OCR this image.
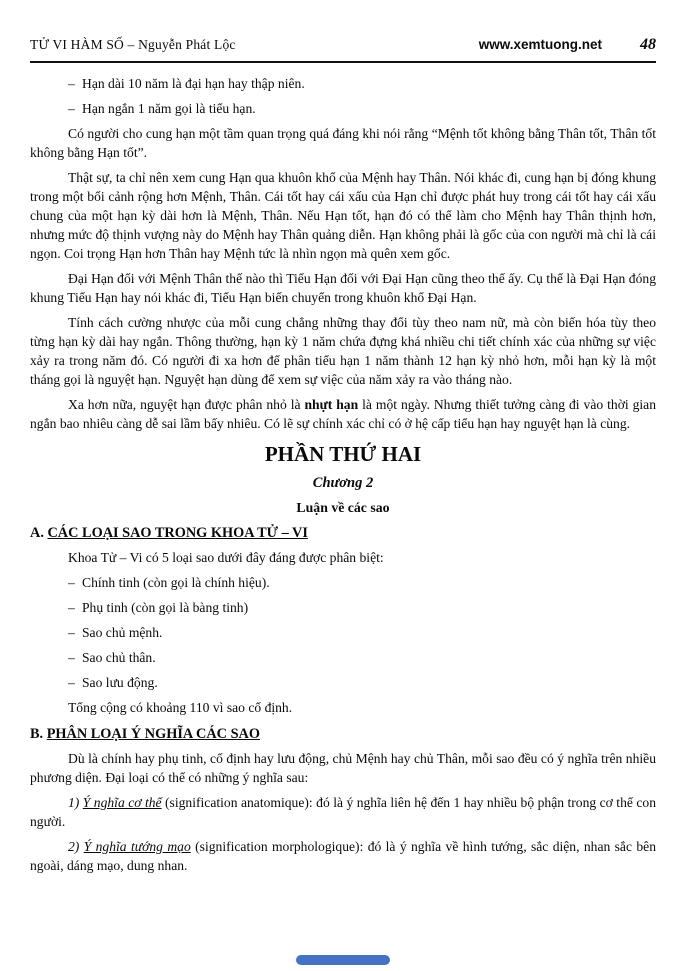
TỬ VI HÀM SỐ – Nguyễn Phát Lộc	www.xemtuong.net 48
– Hạn dài 10 năm là đại hạn hay thập niên.
– Hạn ngắn 1 năm gọi là tiểu hạn.

Có người cho cung hạn một tầm quan trọng quá đáng khi nói rằng “Mệnh tốt không bằng Thân tốt, Thân tốt không bằng Hạn tốt”.

Thật sự, ta chỉ nên xem cung Hạn qua khuôn khổ của Mệnh hay Thân. Nói khác đi, cung hạn bị đóng khung trong một bối cảnh rộng hơn Mệnh, Thân. Cái tốt hay cái xấu của Hạn chỉ được phát huy trong cái tốt hay cái xấu chung của một hạn kỳ dài hơn là Mệnh, Thân. Nếu Hạn tốt, hạn đó có thể làm cho Mệnh hay Thân thịnh hơn, nhưng mức độ thịnh vượng này do Mệnh hay Thân quảng diễn. Hạn không phải là gốc của con người mà chỉ là cái ngọn. Coi trọng Hạn hơn Thân hay Mệnh tức là nhìn ngọn mà quên xem gốc.

Đại Hạn đối với Mệnh Thân thế nào thì Tiểu Hạn đối với Đại Hạn cũng theo thế ấy. Cụ thể là Đại Hạn đóng khung Tiểu Hạn hay nói khác đi, Tiểu Hạn biến chuyển trong khuôn khổ Đại Hạn.

Tính cách cường nhược của mỗi cung chẳng những thay đổi tùy theo nam nữ, mà còn biến hóa tùy theo từng hạn kỳ dài hay ngắn. Thông thường, hạn kỳ 1 năm chứa đựng khá nhiều chi tiết chính xác của những sự việc xảy ra trong năm đó. Có người đi xa hơn để phân tiểu hạn 1 năm thành 12 hạn kỳ nhỏ hơn, mỗi hạn kỳ là một tháng gọi là nguyệt hạn. Nguyệt hạn dùng để xem sự việc của năm xảy ra vào tháng nào.

Xa hơn nữa, nguyệt hạn được phân nhỏ là nhựt hạn là một ngày. Nhưng thiết tưởng càng đi vào thời gian ngắn bao nhiêu càng dễ sai lầm bấy nhiêu. Có lẽ sự chính xác chỉ có ở hệ cấp tiểu hạn hay nguyệt hạn là cùng.

PHẦN THỨ HAI
Chương 2
Luận về các sao
A. CÁC LOẠI SAO TRONG KHOA TỬ – VI

Khoa Tử – Vi có 5 loại sao dưới đây đáng được phân biệt:

– Chính tinh (còn gọi là chính hiệu).
– Phụ tinh (còn gọi là bàng tinh)
– Sao chủ mệnh.
– Sao chủ thân.
– Sao lưu động.

Tổng cộng có khoảng 110 vì sao cố định.

B. PHÂN LOẠI Ý NGHĨA CÁC SAO

Dù là chính hay phụ tinh, cố định hay lưu động, chủ Mệnh hay chủ Thân, mỗi sao đều có ý nghĩa trên nhiều phương diện. Đại loại có thể có những ý nghĩa sau:

1) Ý nghĩa cơ thể (signification anatomique): đó là ý nghĩa liên hệ đến 1 hay nhiều bộ phận trong cơ thể con người.

2) Ý nghĩa tướng mạo (signification morphologique): đó là ý nghĩa về hình tướng, sắc diện, nhan sắc bên ngoài, dáng mạo, dung nhan.
